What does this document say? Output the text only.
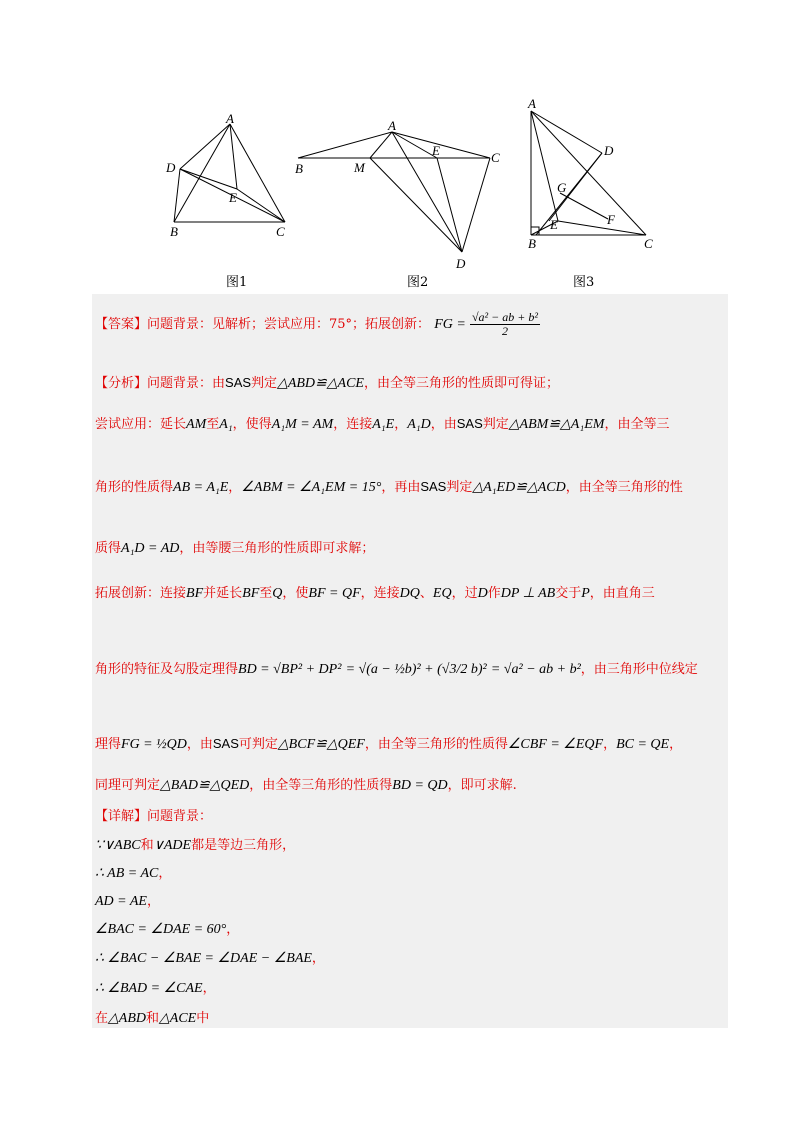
A
D
E
B	C
图1
A
B	M
E	C
D
图2
A
D
G
E	F
B	C
图3
【答案】问题背景：见解析；尝试应用：75°；拓展创新： FG = $\frac{\text{√a² − ab + b²}}{2}$
【分析】问题背景：由SAS判定△ABD≌△ACE，由全等三角形的性质即可得证；
尝试应用：延长AM至A₁，使得A₁M = AM，连接A₁E，A₁D，由SAS判定△ABM≌△A₁EM，由全等三
角形的性质得AB = A₁E，∠ABM = ∠A₁EM = 15°，再由SAS判定△A₁ED≌△ACD，由全等三角形的性
质得A₁D = AD，由等腰三角形的性质即可求解；
拓展创新：连接BF并延长BF至Q，使BF = QF，连接DQ、EQ，过D作DP ⊥ AB交于P，由直角三
角形的特征及勾股定理得BD = √BP² + DP² = √(a − ½b)² + (√3/2 b)² = √a² − ab + b²，由三角形中位线定
理得FG = ½QD，由SAS可判定△BCF≌△QEF，由全等三角形的性质得∠CBF = ∠EQF，BC = QE，
同理可判定△BAD≌△QED，由全等三角形的性质得BD = QD，即可求解.
【详解】问题背景：
∵∨ABC和∨ADE都是等边三角形，
∴ AB = AC，
AD = AE，
∠BAC = ∠DAE = 60°，
∴ ∠BAC − ∠BAE = ∠DAE − ∠BAE，
∴ ∠BAD = ∠CAE，
在△ABD和△ACE中
